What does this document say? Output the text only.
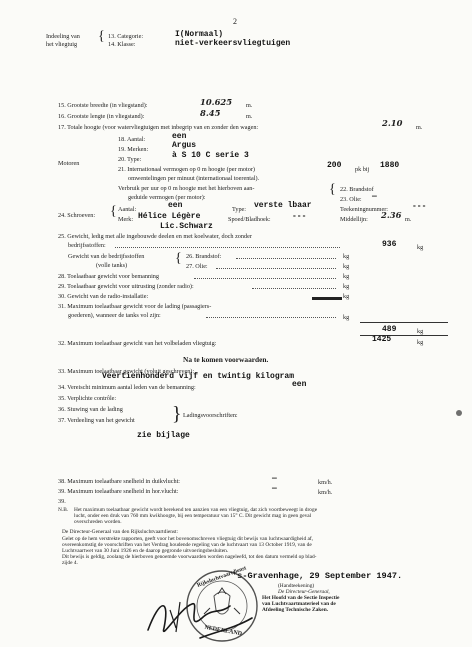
2
Indeeling van
het vliegtuig
{ 13. Categorie:	I(Normaal)
14. Klasse:	niet-verkeersvliegtuigen
15. Grootste breedte (in vliegstand):	10.625 m.
16. Grootste lengte (in vliegstand):	8.45	m.
17. Totale hoogte (voor watervliegtuigen met inbegrip van en zonder den wagen:	2.10 m.
Motoren
18. Aantal:	een
19. Merken:	Argus
20. Type:	à S 10 C serie 3
21. Internationaal vermogen op 0 m hoogte (per motor)	200 pk bij 1880
omwentelingen per minuut (internationaal toerental).
Verbruik per uur op 0 m hoogte met het hierboven aan-
geduide vermogen (per motor):
{ 22. Brandstof
23. Olie: —
24. Schroeven: { Aantal:	een	Type: verste lbaar	Teekeningnummer:	---
Merk: Hélice Légère	Spoed/Bladhoek:	---	Middellijn: 2.36 m.
Lic.Schwarz
25. Gewicht, ledig met alle ingebouwde deelen en met koelwater, doch zonder
bedrijfsstoffen:	936	kg
Gewicht van de bedrijfsstoffen
(volle tanks)	{ 26. Brandstof:	kg
27. Olie:	kg
28. Toelaatbaar gewicht voor bemanning	kg
29. Toelaatbaar gewicht voor uitrusting (zonder radio):	kg
30. Gewicht van de radio-installatie:	kg
31. Maximum toelaatbaar gewicht voor de lading (passagiers-
goederen), wanneer de tanks vol zijn:	kg
489	kg
32. Maximum toelaatbaar gewicht van het volbeladen vliegtuig:	1425	kg
Na te komen voorwaarden.
33. Maximum toelaatbaar gewicht (voluit geschreven):
Veertienhonderd vijf en twintig kilogram
34. Vereischt minimum aantal leden van de bemanning:	een
35. Verplichte contrôle:
36. Stuwing van de lading
37. Verdeeling van het gewicht } Ladingsvoorschriften:
zie bijlage
38. Maximum toelaatbare snelheid in duikvlucht:	—	km/h.
39. Maximum toelaatbare snelheid in hor.vlucht:	—	km/h.
39.
N.B. Het maximum toelaatbaar gewicht wordt berekend ten aanzien van een vliegtuig, dat zich voortbeweegt in droge
lucht, onder een druk van 760 mm kwikhoogte, bij een temperatuur van 15° C. Dit gewicht mag in geen geval
overschreden worden.
De Directeur-Generaal van den Rijksluchtvaartdienst:
Gelet op de hem verstrekte rapporten, geeft voor het bovenomschreven vliegtuig dit bewijs van luchtwaardigheid af,
overeenkomstig de voorschriften van het Verdrag houdende regeling van de luchtvaart van 13 October 1919, van de
Luchtvaartwet van 30 Juni 1926 en de daarop gegronde uitvoeringsbesluiten.
Dit bewijs is geldig, zoolang de hierboven genoemde voorwaarden worden nageleefd, tot den datum vermeld op blad-
zijde 4.
's-Gravenhage, 29 September 1947.
(Handteekening)
De Directeur-Generaal,
Het Hoofd van de Sectie Inspectie
van Luchtvaartmaterieel van de
Afdeeling Technische Zaken.
Rijksluchtvaartdienst
NEDERLAND
